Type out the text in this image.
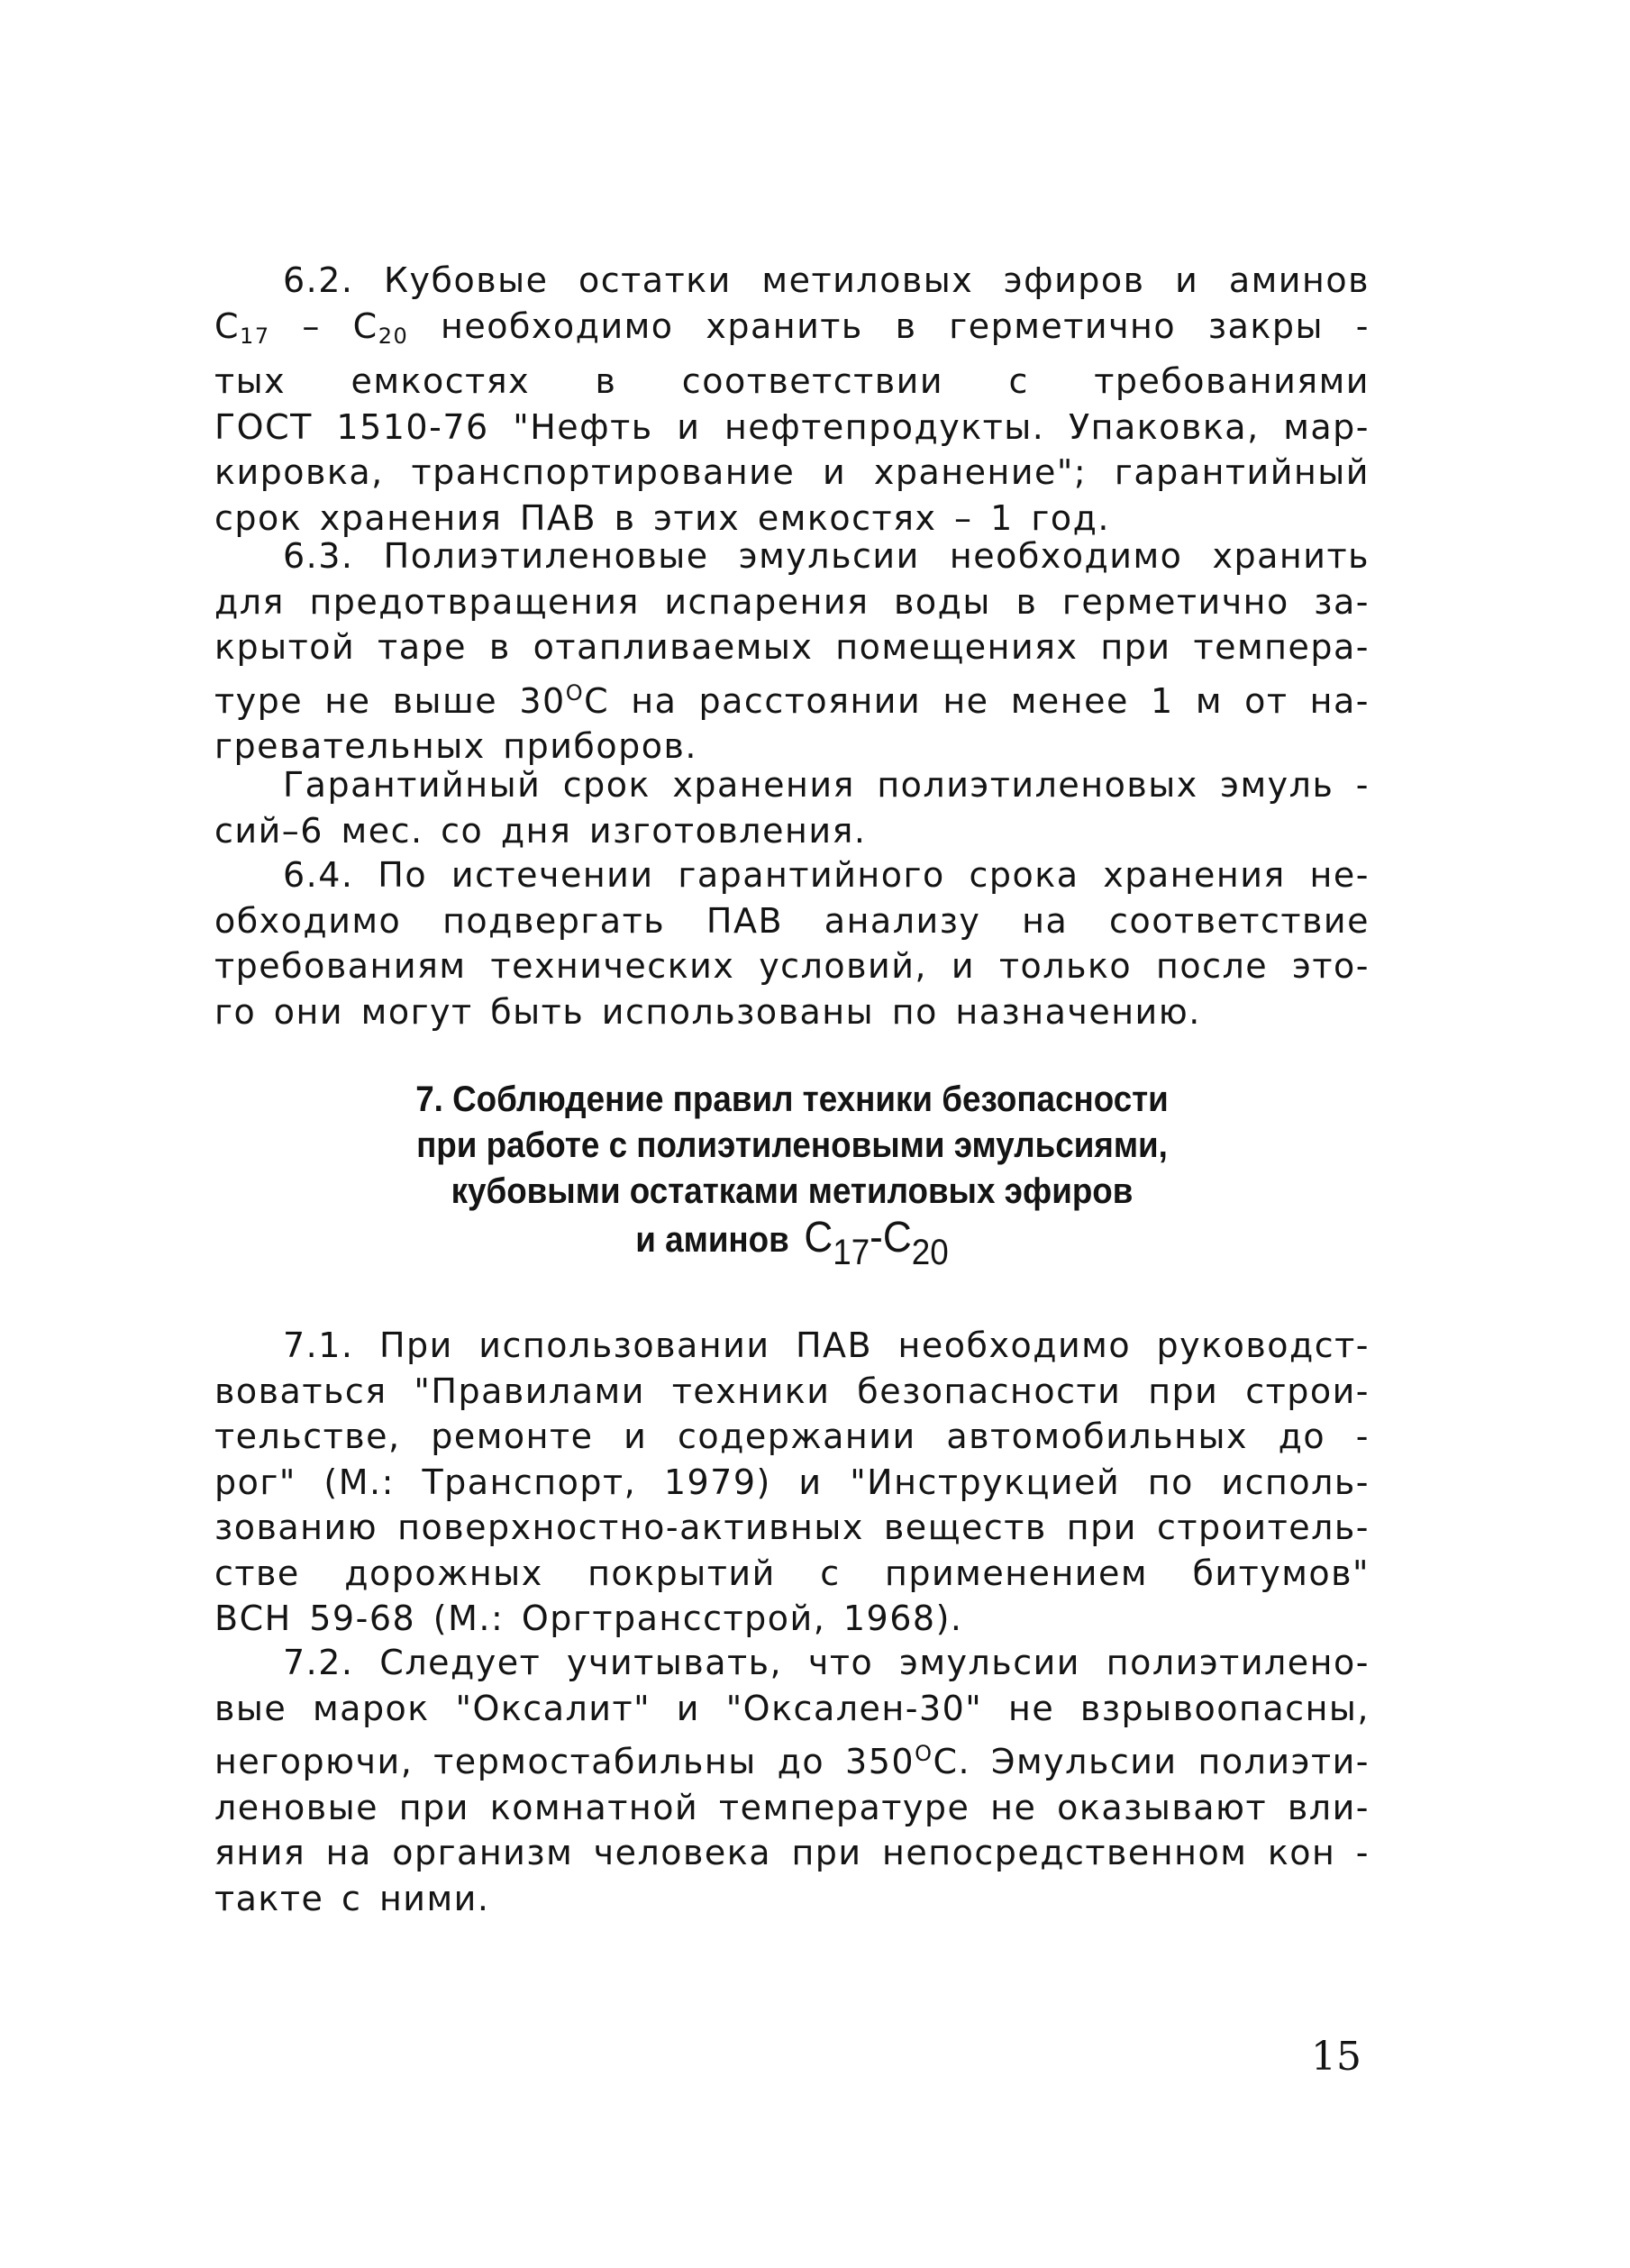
6.2. Кубовые остатки метиловых эфиров и аминов
$C_{17} - C_{20}$ необходимо хранить в герметично закры -
тых емкостях в соответствии с требованиями
ГОСТ 1510-76 "Нефть и нефтепродукты. Упаковка, мар-
кировка, транспортирование и хранение"; гарантийный
срок хранения ПАВ в этих емкостях – 1 год.
6.3. Полиэтиленовые эмульсии необходимо хранить
для предотвращения испарения воды в герметично за-
крытой таре в отапливаемых помещениях при темпера-
туре не выше $30^ОС$ на расстоянии не менее 1 м от на-
гревательных приборов.
Гарантийный срок хранения полиэтиленовых эмуль -
сий–6 мес. со дня изготовления.
6.4. По истечении гарантийного срока хранения не-
обходимо подвергать ПАВ анализу на соответствие
требованиям технических условий, и только после это-
го они могут быть использованы по назначению.
7. Соблюдение правил техники безопасности
при работе с полиэтиленовыми эмульсиями,
кубовыми остатками метиловых эфиров
и аминов $C_{17}-C_{20}$
7.1. При использовании ПАВ необходимо руководст-
воваться "Правилами техники безопасности при строи-
тельстве, ремонте и содержании автомобильных до -
рог" (М.: Транспорт, 1979) и "Инструкцией по исполь-
зованию поверхностно-активных веществ при строитель-
стве дорожных покрытий с применением битумов"
ВСН 59-68 (М.: Оргтрансстрой, 1968).
7.2. Следует учитывать, что эмульсии полиэтилено-
вые марок "Оксалит" и "Оксален-30" не взрывоопасны,
негорючи, термостабильны до $350^ОС$. Эмульсии полиэти-
леновые при комнатной температуре не оказывают вли-
яния на организм человека при непосредственном кон -
такте с ними.
15
